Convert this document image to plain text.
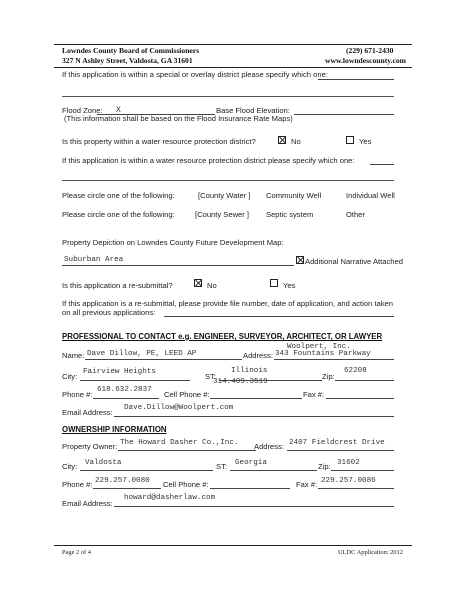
Lowndes County Board of Commissioners
327 N Ashley Street, Valdosta, GA 31601
(229) 671-2430
www.lowndescounty.com
If this application is within a special or overlay district please specify which one:
Flood Zone: X	Base Flood Elevation:
(This information shall be based on the Flood Insurance Rate Maps)
Is this property within a water resource protection district?	No	Yes
If this application is within a water resource protection district please specify which one:
Please circle one of the following:	[County Water ] Community Well	Individual Well
Please circle one of the following:	[County Sewer ] Septic system	Other
Property Depiction on Lowndes County Future Development Map:
Suburban Area	Additional Narrative Attached
Is this application a re-submittal?	No	Yes
If this application is a re-submittal, please provide file number, date of application, and action taken
on all previous applications:
PROFESSIONAL TO CONTACT e.g. ENGINEER, SURVEYOR, ARCHITECT, OR LAWYER
Name: Dave Dillow, PE, LEED AP	Address:
Woolpert, Inc.
343 Fountains Parkway
City: Fairview Heights	ST:
Illinois
Zip:
62208
Phone #: 618.632.2837 Cell Phone #:
314.409.3519
Fax #:
Email Address: Dave.Dillow@Woolpert.com
OWNERSHIP INFORMATION
Property Owner: The Howard Dasher Co.,Inc. Address: 2407 Fieldcrest Drive
City: Valdosta	ST: Georgia	Zip: 31602
Phone #: 229.257.0080 Cell Phone #:	Fax #: 229.257.0086
Email Address:
howard@dasherlaw.com
Page 2 of 4	ULDC Application: 2012
